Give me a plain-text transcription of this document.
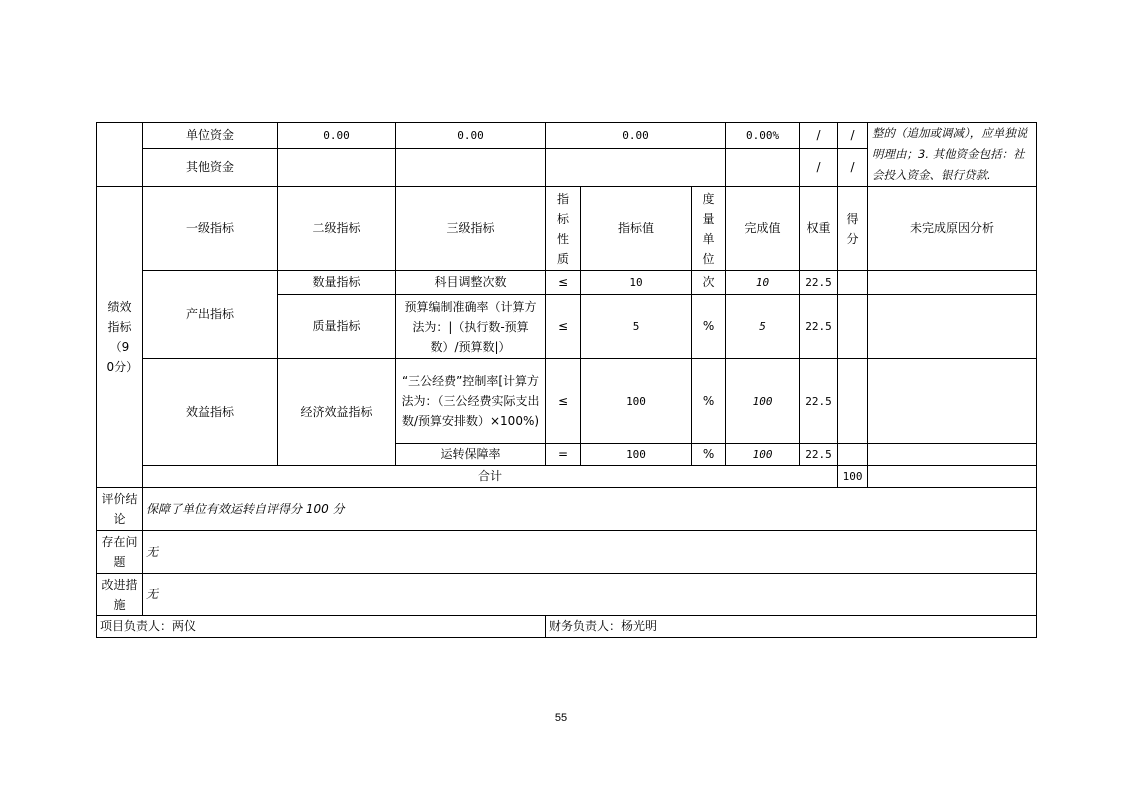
	单位资金	0.00	0.00	0.00			0.00%	/	/	整的（追加或调减），应单独说明理由；3. 其他资金包括：社会投入资金、银行贷款.	
	其他资金							/	/		
绩效指标（90分）	一级指标	二级指标	三级指标	指标性质	指标值	度量单位	完成值	权重	得分	未完成原因分析	
	产出指标	数量指标	科目调整次数	≤	10	次	10	22.5			
		质量指标	预算编制准确率（计算方法为：|（执行数-预算数）/预算数|）	≤	5	%	5	22.5			
	效益指标	经济效益指标	“三公经费”控制率[计算方法为：（三公经费实际支出数/预算安排数）×100%)	≤	100	%	100	22.5			
			运转保障率	=	100	%	100	22.5			
	合计								100		
评价结论	保障了单位有效运转自评得分 100 分										
存在问题	无										
改进措施	无										
项目负责人：两仪				财务负责人：杨光明							
55
